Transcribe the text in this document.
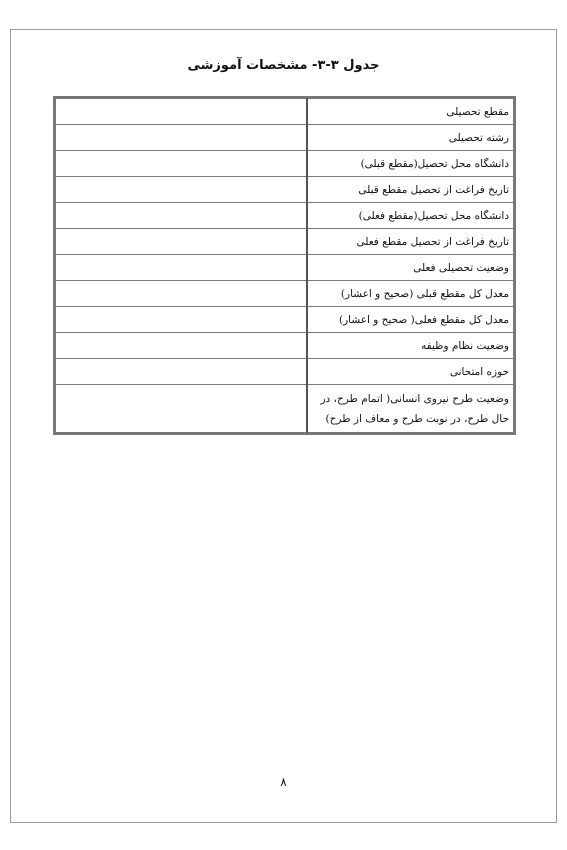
جدول ۳-۳- مشخصات آموزشی
مقطع تحصیلی	
رشته تحصیلی	
دانشگاه محل تحصیل(مقطع قبلی)	
تاریخ فراغت از تحصیل مقطع قبلی	
دانشگاه محل تحصیل(مقطع فعلی)	
تاریخ فراغت از تحصیل مقطع فعلی	
وضعیت تحصیلی فعلی	
معدل کل مقطع قبلی (صحیح و اعشار)	
معدل کل مقطع فعلی( صحیح و اعشار)	
وضعیت نظام وظیفه	
حوزه امتحانی	
وضعیت طرح نیروی انسانی( اتمام طرح، در حال طرح، در نوبت طرح و معاف از طرح)	
۸
